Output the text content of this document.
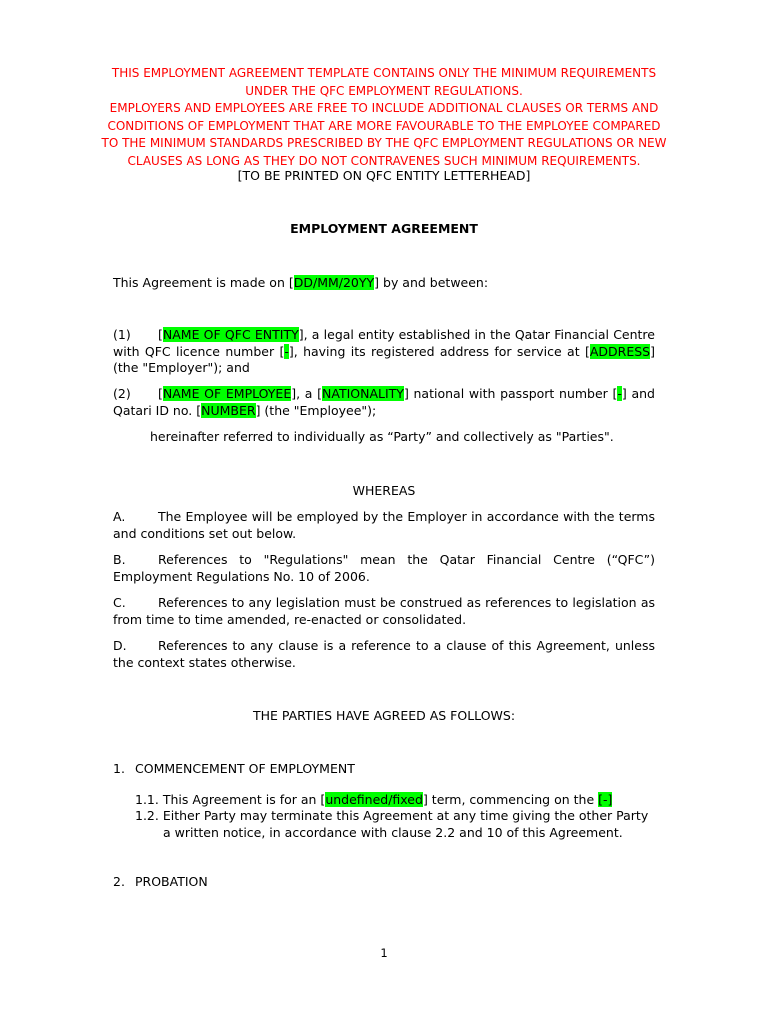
THIS EMPLOYMENT AGREEMENT TEMPLATE CONTAINS ONLY THE MINIMUM REQUIREMENTS
UNDER THE QFC EMPLOYMENT REGULATIONS.
EMPLOYERS AND EMPLOYEES ARE FREE TO INCLUDE ADDITIONAL CLAUSES OR TERMS AND
CONDITIONS OF EMPLOYMENT THAT ARE MORE FAVOURABLE TO THE EMPLOYEE COMPARED
TO THE MINIMUM STANDARDS PRESCRIBED BY THE QFC EMPLOYMENT REGULATIONS OR NEW
CLAUSES AS LONG AS THEY DO NOT CONTRAVENES SUCH MINIMUM REQUIREMENTS.
[TO BE PRINTED ON QFC ENTITY LETTERHEAD]
EMPLOYMENT AGREEMENT
This Agreement is made on [DD/MM/20YY] by and between:
(1) [NAME OF QFC ENTITY], a legal entity established in the Qatar Financial Centre with QFC licence number [-], having its registered address for service at [ADDRESS] (the "Employer"); and
(2) [NAME OF EMPLOYEE], a [NATIONALITY] national with passport number [-] and Qatari ID no. [NUMBER] (the "Employee");
hereinafter referred to individually as “Party” and collectively as "Parties".
WHEREAS
A.	The Employee will be employed by the Employer in accordance with the terms and conditions set out below.
B.	References to "Regulations" mean the Qatar Financial Centre (“QFC”) Employment Regulations No. 10 of 2006.
C.	References to any legislation must be construed as references to legislation as from time to time amended, re-enacted or consolidated.
D.	References to any clause is a reference to a clause of this Agreement, unless the context states otherwise.
THE PARTIES HAVE AGREED AS FOLLOWS:
1. COMMENCEMENT OF EMPLOYMENT
1.1. This Agreement is for an [undefined/fixed] term, commencing on the [-]
1.2. Either Party may terminate this Agreement at any time giving the other Party
a written notice, in accordance with clause 2.2 and 10 of this Agreement.
2. PROBATION
1
